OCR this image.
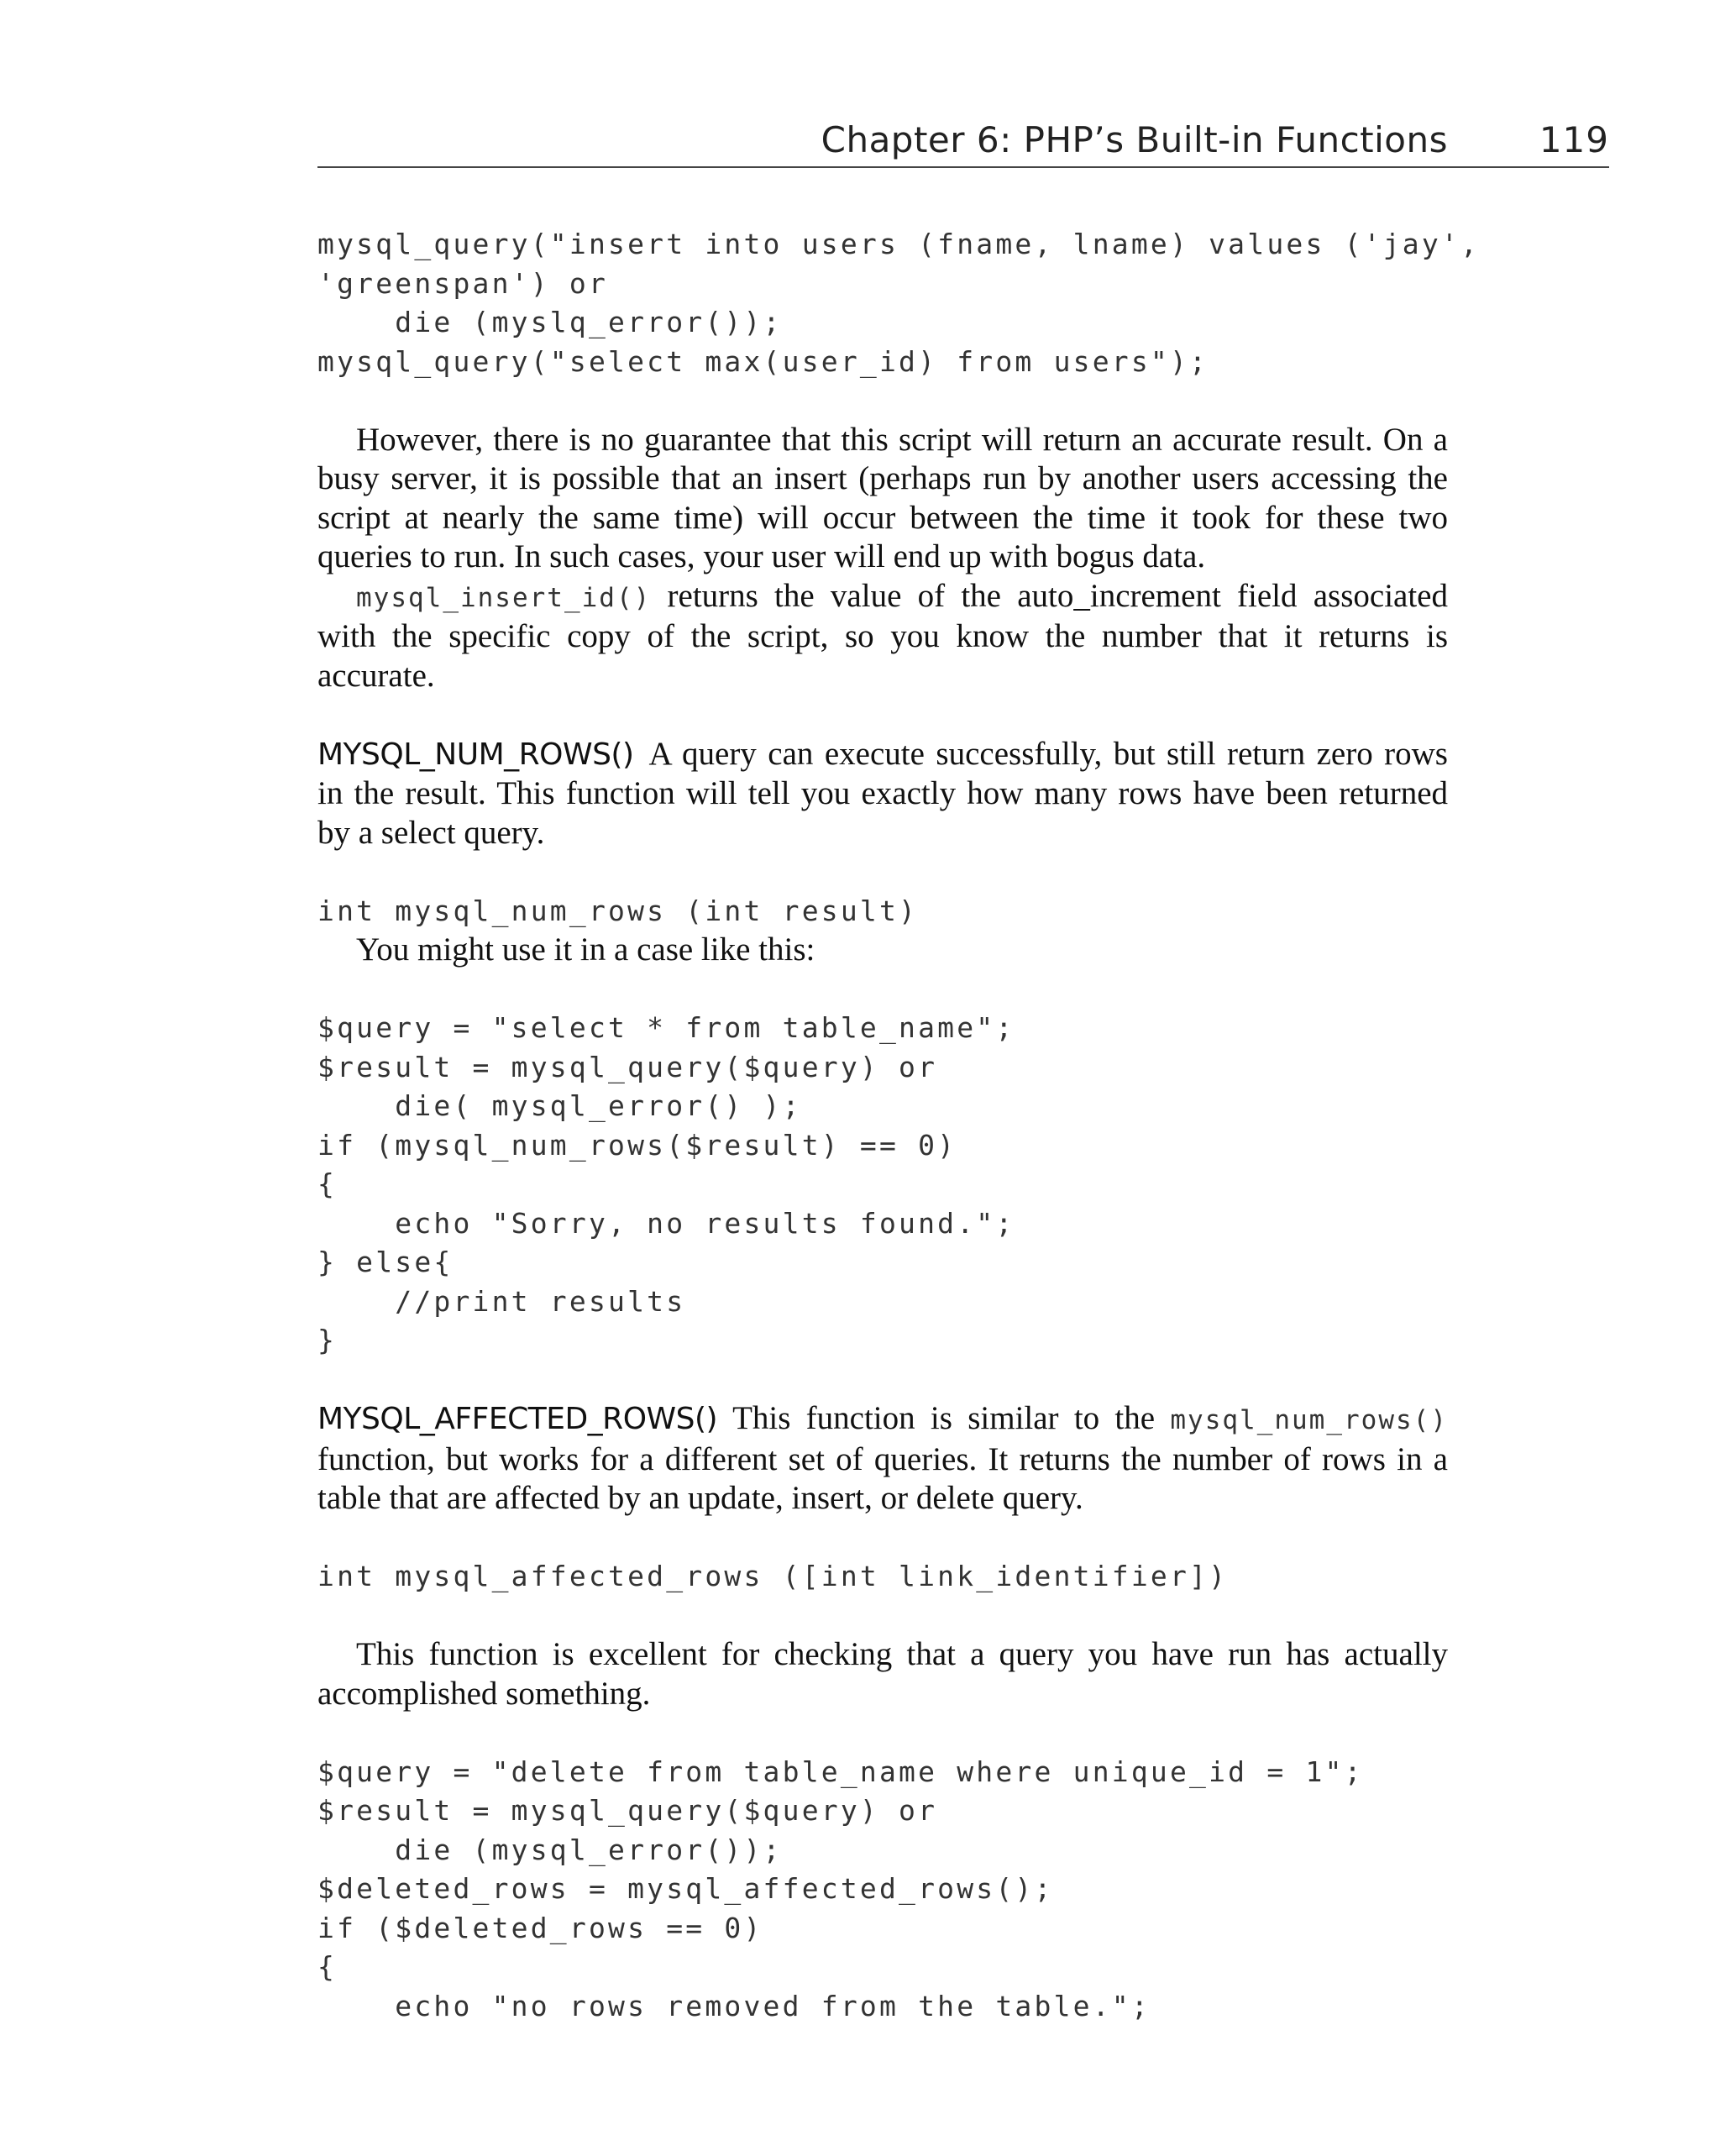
Chapter 6: PHP’s Built-in Functions	119
mysql_query("insert into users (fname, lname) values ('jay',
'greenspan') or
die (myslq_error());
mysql_query("select max(user_id) from users");

However, there is no guarantee that this script will return an accurate result. On a busy server, it is possible that an insert (perhaps run by another users accessing the script at nearly the same time) will occur between the time it took for these two queries to run. In such cases, your user will end up with bogus data.

mysql_insert_id() returns the value of the auto_increment field associated with the specific copy of the script, so you know the number that it returns is accurate.

MYSQL_NUM_ROWS() A query can execute successfully, but still return zero rows in the result. This function will tell you exactly how many rows have been returned by a select query.

int mysql_num_rows (int result)

You might use it in a case like this:

$query = "select * from table_name";
$result = mysql_query($query) or
die( mysql_error() );
if (mysql_num_rows($result) == 0)
{
echo "Sorry, no results found.";
} else{
//print results
}

MYSQL_AFFECTED_ROWS() This function is similar to the mysql_num_rows() function, but works for a different set of queries. It returns the number of rows in a table that are affected by an update, insert, or delete query.

int mysql_affected_rows ([int link_identifier])

This function is excellent for checking that a query you have run has actually accomplished something.

$query = "delete from table_name where unique_id = 1";
$result = mysql_query($query) or
die (mysql_error());
$deleted_rows = mysql_affected_rows();
if ($deleted_rows == 0)
{
echo "no rows removed from the table.";
